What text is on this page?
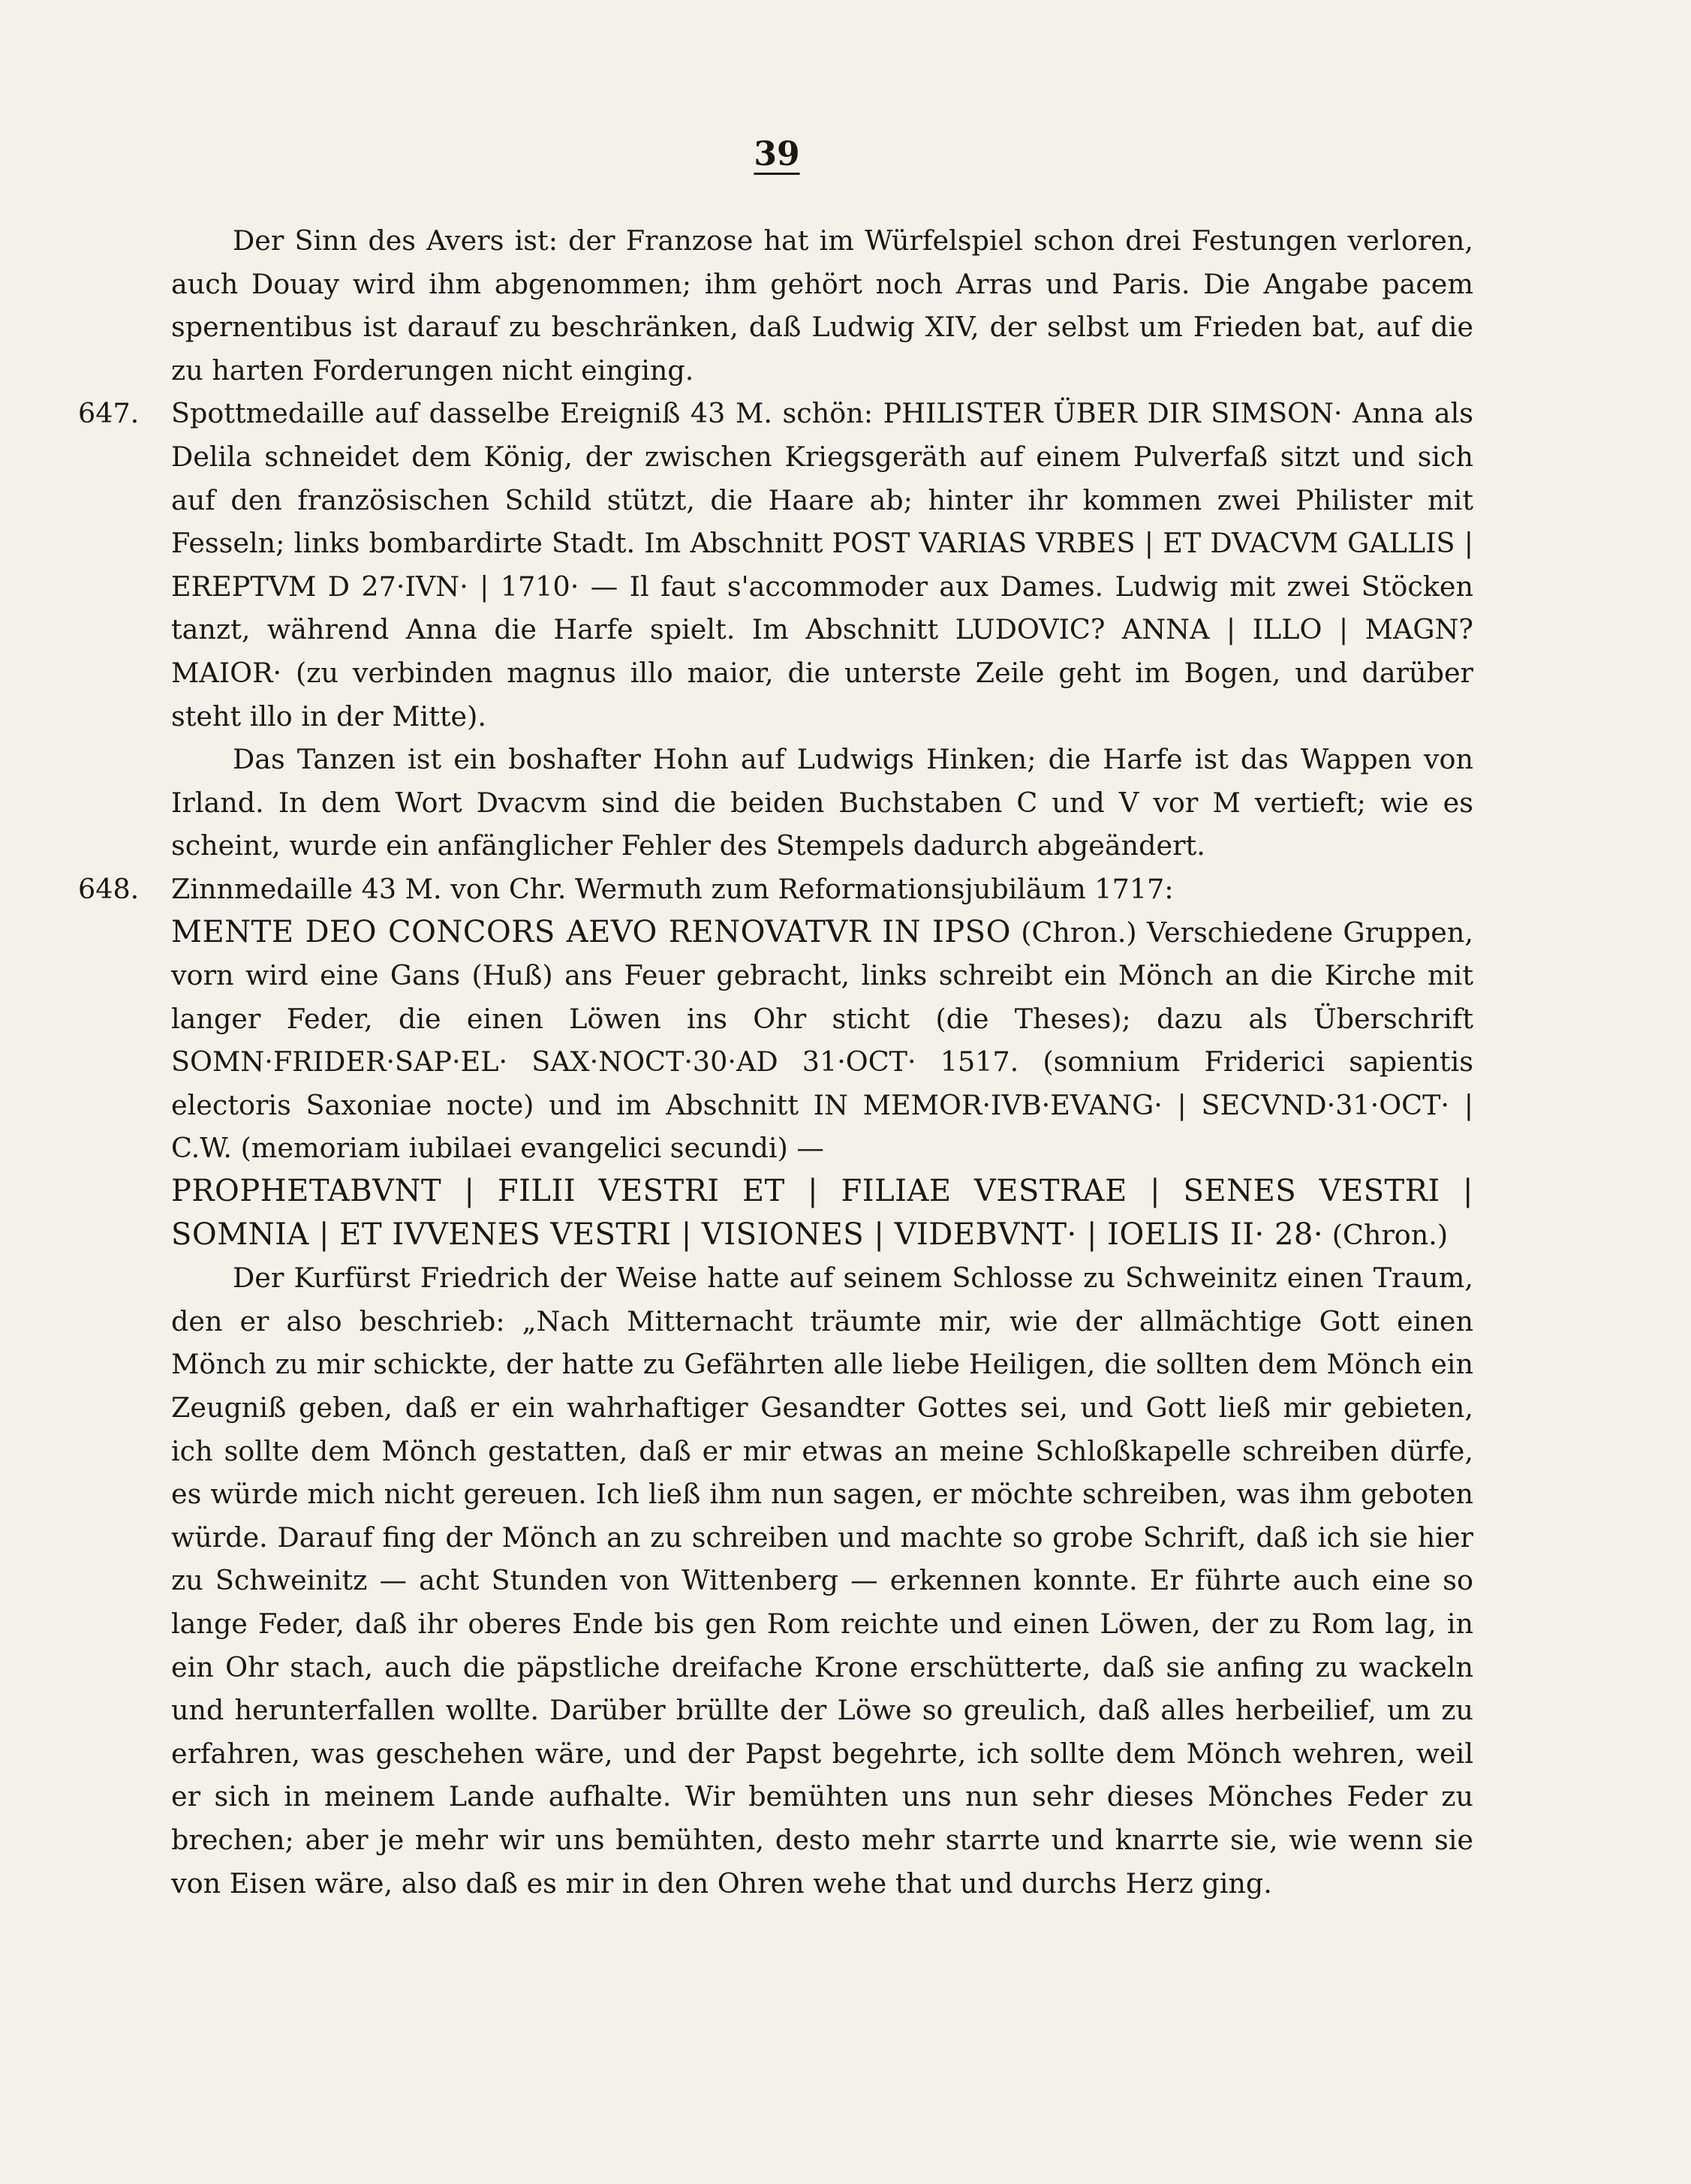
39

Der Sinn des Avers ist: der Franzose hat im Würfelspiel schon drei Festungen verloren, auch Douay wird ihm abgenommen; ihm gehört noch Arras und Paris. Die Angabe pacem spernentibus ist darauf zu beschränken, daß Ludwig XIV, der selbst um Frieden bat, auf die zu harten Forderungen nicht einging.

647.	Spottmedaille auf dasselbe Ereigniß 43 M. schön: PHILISTER ÜBER DIR SIMSON· Anna als Delila schneidet dem König, der zwischen Kriegsgeräth auf einem Pulverfaß sitzt und sich auf den französischen Schild stützt, die Haare ab; hinter ihr kommen zwei Philister mit Fesseln; links bombardirte Stadt. Im Abschnitt POST VARIAS VRBES | ET DVACVM GALLIS | EREPTVM D 27·IVN· | 1710· — Il faut s'accommoder aux Dames. Ludwig mit zwei Stöcken tanzt, während Anna die Harfe spielt. Im Abschnitt LUDOVIC? ANNA | ILLO | MAGN? MAIOR· (zu verbinden magnus illo maior, die unterste Zeile geht im Bogen, und darüber steht illo in der Mitte).

Das Tanzen ist ein boshafter Hohn auf Ludwigs Hinken; die Harfe ist das Wappen von Irland. In dem Wort Dvacvm sind die beiden Buchstaben C und V vor M vertieft; wie es scheint, wurde ein anfänglicher Fehler des Stempels dadurch abgeändert.

648.	Zinnmedaille 43 M. von Chr. Wermuth zum Reformationsjubiläum 1717:

MENTE DEO CONCORS AEVO RENOVATVR IN IPSO (Chron.) Verschiedene Gruppen, vorn wird eine Gans (Huß) ans Feuer gebracht, links schreibt ein Mönch an die Kirche mit langer Feder, die einen Löwen ins Ohr sticht (die Theses); dazu als Überschrift SOMN·FRIDER·SAP·EL· SAX·NOCT·30·AD 31·OCT· 1517. (somnium Friderici sapientis electoris Saxoniae nocte) und im Abschnitt IN MEMOR·IVB·EVANG· | SECVND·31·OCT· | C.W. (memoriam iubilaei evangelici secundi) —

PROPHETABVNT | FILII VESTRI ET | FILIAE VESTRAE | SENES VESTRI | SOMNIA | ET IVVENES VESTRI | VISIONES | VIDEBVNT· | IOELIS II· 28· (Chron.)

Der Kurfürst Friedrich der Weise hatte auf seinem Schlosse zu Schweinitz einen Traum, den er also beschrieb: „Nach Mitternacht träumte mir, wie der allmächtige Gott einen Mönch zu mir schickte, der hatte zu Gefährten alle liebe Heiligen, die sollten dem Mönch ein Zeugniß geben, daß er ein wahrhaftiger Gesandter Gottes sei, und Gott ließ mir gebieten, ich sollte dem Mönch gestatten, daß er mir etwas an meine Schloßkapelle schreiben dürfe, es würde mich nicht gereuen. Ich ließ ihm nun sagen, er möchte schreiben, was ihm geboten würde. Darauf fing der Mönch an zu schreiben und machte so grobe Schrift, daß ich sie hier zu Schweinitz — acht Stunden von Wittenberg — erkennen konnte. Er führte auch eine so lange Feder, daß ihr oberes Ende bis gen Rom reichte und einen Löwen, der zu Rom lag, in ein Ohr stach, auch die päpstliche dreifache Krone erschütterte, daß sie anfing zu wackeln und herunterfallen wollte. Darüber brüllte der Löwe so greulich, daß alles herbeilief, um zu erfahren, was geschehen wäre, und der Papst begehrte, ich sollte dem Mönch wehren, weil er sich in meinem Lande aufhalte. Wir bemühten uns nun sehr dieses Mönches Feder zu brechen; aber je mehr wir uns bemühten, desto mehr starrte und knarrte sie, wie wenn sie von Eisen wäre, also daß es mir in den Ohren wehe that und durchs Herz ging.
